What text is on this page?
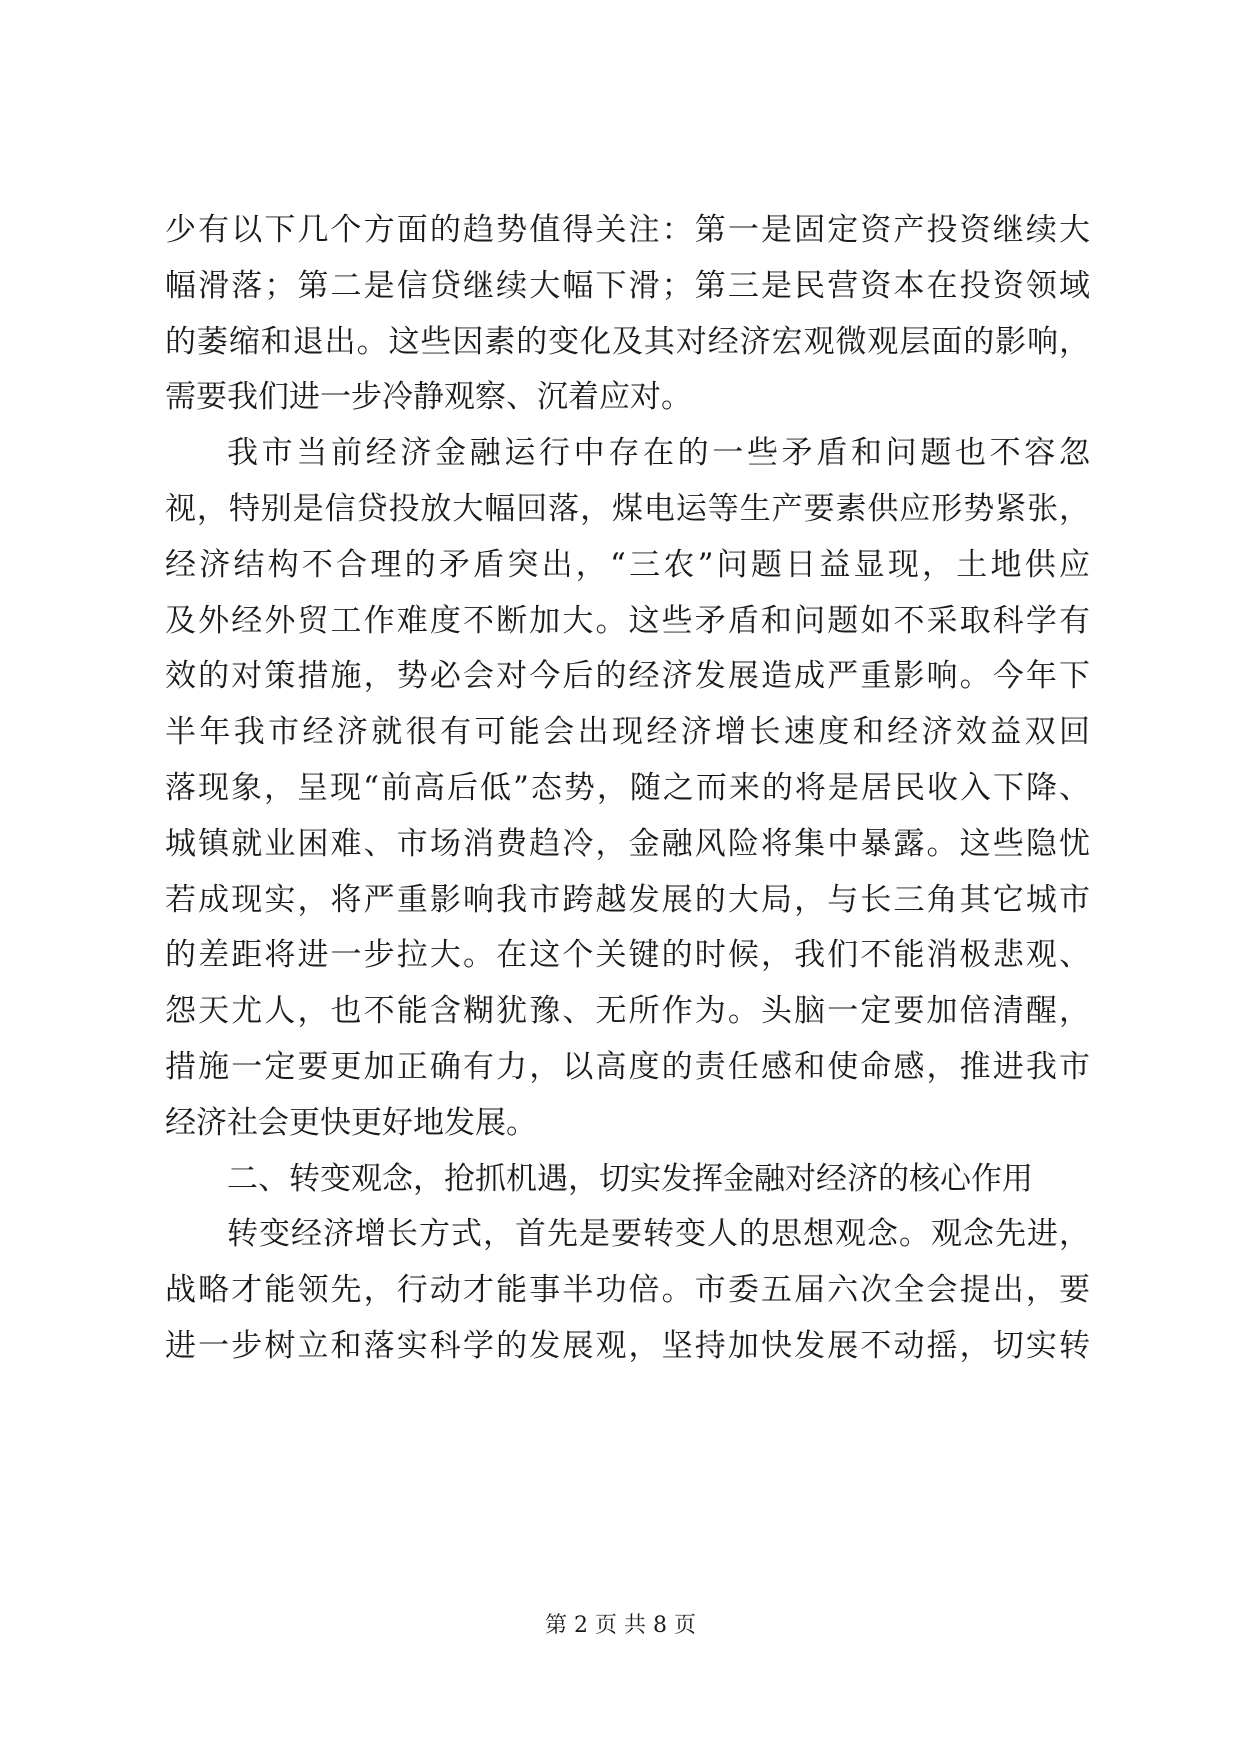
少有以下几个方面的趋势值得关注：第一是固定资产投资继续大
幅滑落；第二是信贷继续大幅下滑；第三是民营资本在投资领域
的萎缩和退出。这些因素的变化及其对经济宏观微观层面的影响，
需要我们进一步冷静观察、沉着应对。
我市当前经济金融运行中存在的一些矛盾和问题也不容忽
视，特别是信贷投放大幅回落，煤电运等生产要素供应形势紧张，
经济结构不合理的矛盾突出，“三农”问题日益显现，土地供应
及外经外贸工作难度不断加大。这些矛盾和问题如不采取科学有
效的对策措施，势必会对今后的经济发展造成严重影响。今年下
半年我市经济就很有可能会出现经济增长速度和经济效益双回
落现象，呈现“前高后低”态势，随之而来的将是居民收入下降、
城镇就业困难、市场消费趋冷，金融风险将集中暴露。这些隐忧
若成现实，将严重影响我市跨越发展的大局，与长三角其它城市
的差距将进一步拉大。在这个关键的时候，我们不能消极悲观、
怨天尤人，也不能含糊犹豫、无所作为。头脑一定要加倍清醒，
措施一定要更加正确有力，以高度的责任感和使命感，推进我市
经济社会更快更好地发展。
二、转变观念，抢抓机遇，切实发挥金融对经济的核心作用
转变经济增长方式，首先是要转变人的思想观念。观念先进，
战略才能领先，行动才能事半功倍。市委五届六次全会提出，要
进一步树立和落实科学的发展观，坚持加快发展不动摇，切实转
第 2 页 共 8 页
